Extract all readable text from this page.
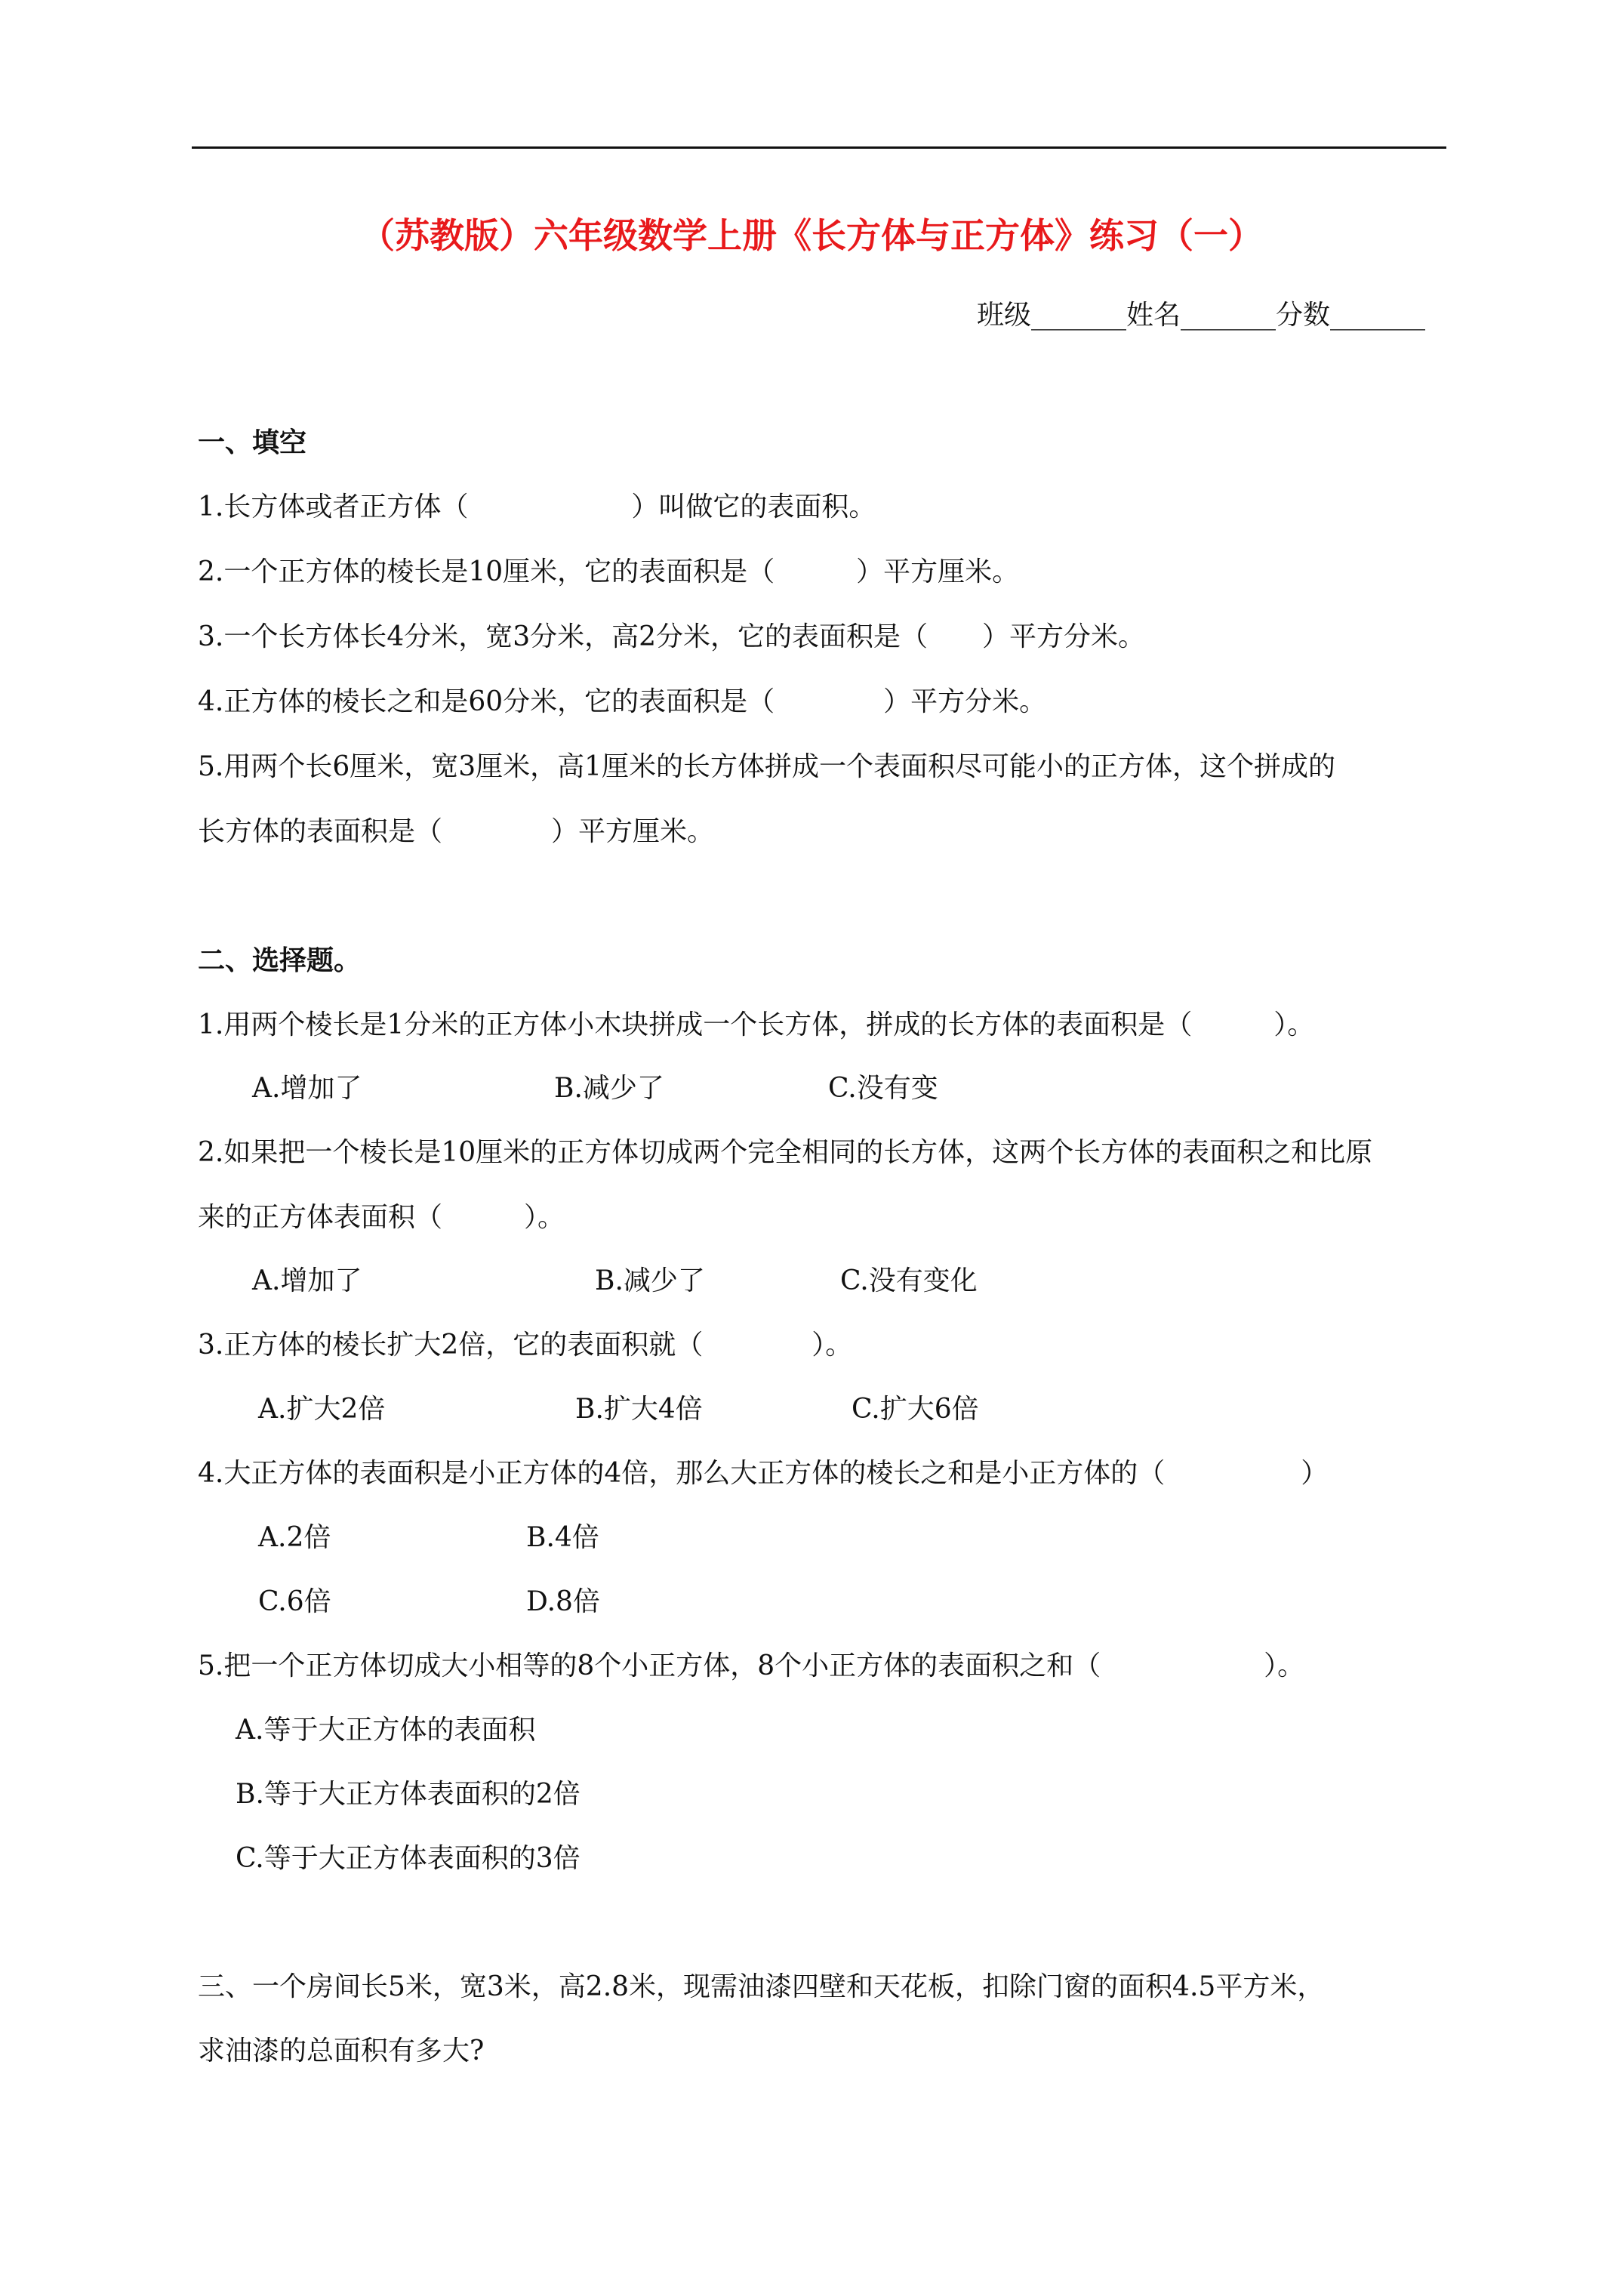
（苏教版）六年级数学上册《长方体与正方体》练习（一）
班级_______姓名_______分数_______
一、填空
1.长方体或者正方体（　　　　　　）叫做它的表面积。
2.一个正方体的棱长是10厘米，它的表面积是（　　　）平方厘米。
3.一个长方体长4分米，宽3分米，高2分米，它的表面积是（　　）平方分米。
4.正方体的棱长之和是60分米，它的表面积是（　　　　）平方分米。
5.用两个长6厘米，宽3厘米，高1厘米的长方体拼成一个表面积尽可能小的正方体，这个拼成的
长方体的表面积是（　　　　）平方厘米。
二、选择题。
1.用两个棱长是1分米的正方体小木块拼成一个长方体，拼成的长方体的表面积是（　　　）。
A.增加了	B.减少了	C.没有变
2.如果把一个棱长是10厘米的正方体切成两个完全相同的长方体，这两个长方体的表面积之和比原
来的正方体表面积（　　　）。
A.增加了	B.减少了	C.没有变化
3.正方体的棱长扩大2倍，它的表面积就（　　　　）。
A.扩大2倍	B.扩大4倍	C.扩大6倍
4.大正方体的表面积是小正方体的4倍，那么大正方体的棱长之和是小正方体的（　　　　　）
A.2倍	B.4倍
C.6倍	D.8倍
5.把一个正方体切成大小相等的8个小正方体，8个小正方体的表面积之和（　　　　　　）。
A.等于大正方体的表面积
B.等于大正方体表面积的2倍
C.等于大正方体表面积的3倍
三、一个房间长5米，宽3米，高2.8米，现需油漆四壁和天花板，扣除门窗的面积4.5平方米，
求油漆的总面积有多大?
